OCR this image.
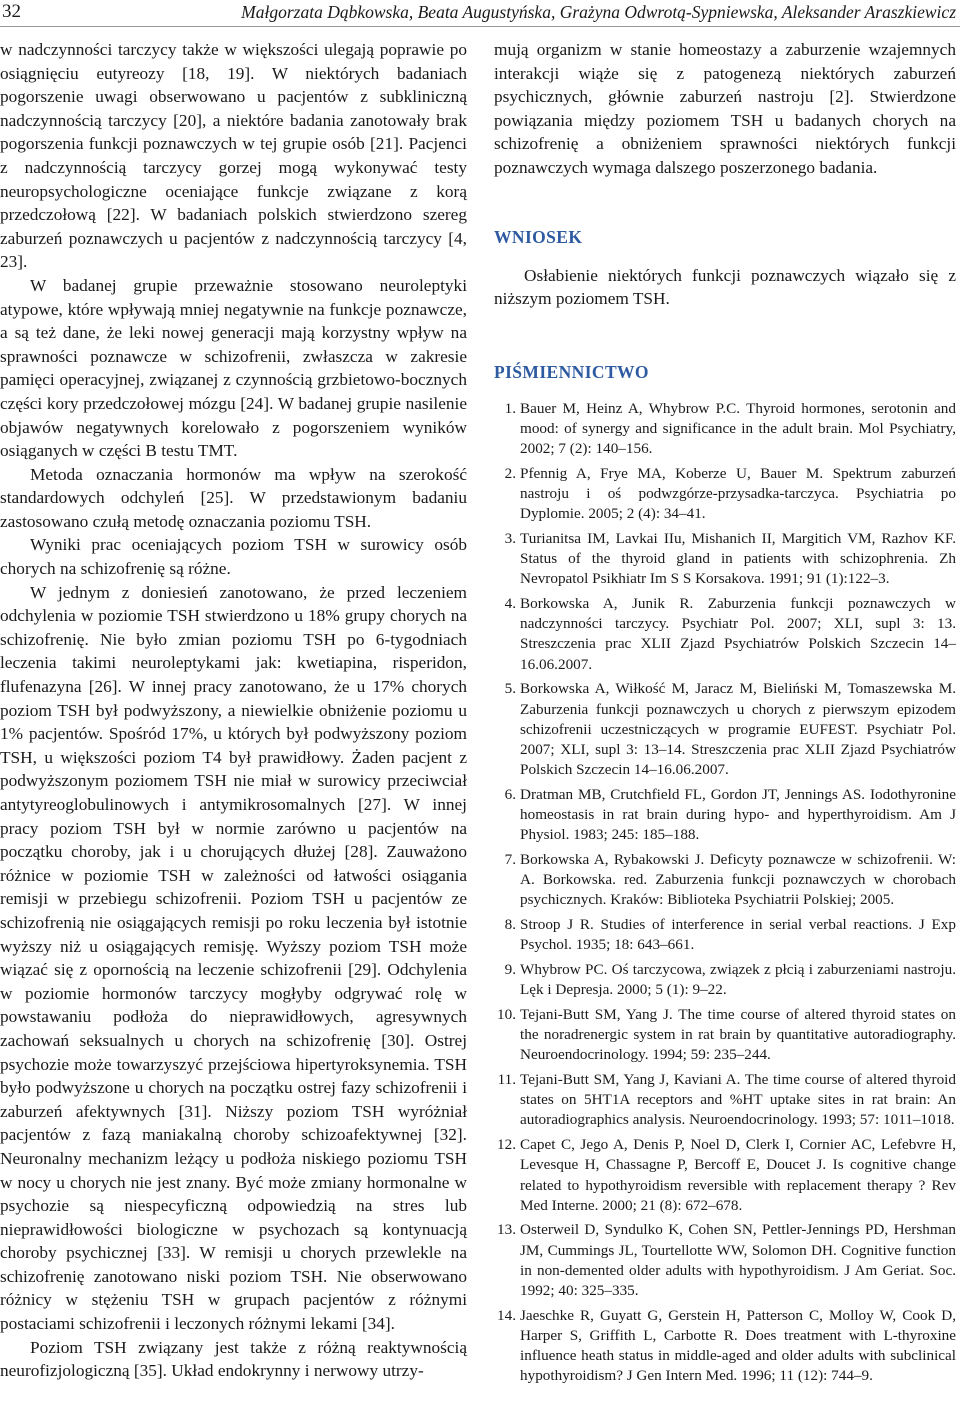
32	Małgorzata Dąbkowska, Beata Augustyńska, Grażyna Odwrotą-Sypniewska, Aleksander Araszkiewicz

w nadczynności tarczycy także w większości ulegają poprawie po osiągnięciu eutyreozy [18, 19]. W niektórych badaniach pogorszenie uwagi obserwowano u pacjentów z subkliniczną nadczynnością tarczycy [20], a niektóre badania zanotowały brak pogorszenia funkcji poznawczych w tej grupie osób [21]. Pacjenci z nadczynnością tarczycy gorzej mogą wykonywać testy neuropsychologiczne oceniające funkcje związane z korą przedczołową [22]. W badaniach polskich stwierdzono szereg zaburzeń poznawczych u pacjentów z nadczynnością tarczycy [4, 23].

W badanej grupie przeważnie stosowano neuroleptyki atypowe, które wpływają mniej negatywnie na funkcje poznawcze, a są też dane, że leki nowej generacji mają korzystny wpływ na sprawności poznawcze w schizofrenii, zwłaszcza w zakresie pamięci operacyjnej, związanej z czynnością grzbietowo-bocznych części kory przedczołowej mózgu [24]. W badanej grupie nasilenie objawów negatywnych korelowało z pogorszeniem wyników osiąganych w części B testu TMT.

Metoda oznaczania hormonów ma wpływ na szerokość standardowych odchyleń [25]. W przedstawionym badaniu zastosowano czułą metodę oznaczania poziomu TSH.

Wyniki prac oceniających poziom TSH w surowicy osób chorych na schizofrenię są różne.

W jednym z doniesień zanotowano, że przed leczeniem odchylenia w poziomie TSH stwierdzono u 18% grupy chorych na schizofrenię. Nie było zmian poziomu TSH po 6-tygodniach leczenia takimi neuroleptykami jak: kwetiapina, risperidon, flufenazyna [26]. W innej pracy zanotowano, że u 17% chorych poziom TSH był podwyższony, a niewielkie obniżenie poziomu u 1% pacjentów. Spośród 17%, u których był podwyższony poziom TSH, u większości poziom T4 był prawidłowy. Żaden pacjent z podwyższonym poziomem TSH nie miał w surowicy przeciwciał antytyreoglobulinowych i antymikrosomalnych [27]. W innej pracy poziom TSH był w normie zarówno u pacjentów na początku choroby, jak i u chorujących dłużej [28]. Zauważono różnice w poziomie TSH w zależności od łatwości osiągania remisji w przebiegu schizofrenii. Poziom TSH u pacjentów ze schizofrenią nie osiągających remisji po roku leczenia był istotnie wyższy niż u osiągających remisję. Wyższy poziom TSH może wiązać się z opornością na leczenie schizofrenii [29]. Odchylenia w poziomie hormonów tarczycy mogłyby odgrywać rolę w powstawaniu podłoża do nieprawidłowych, agresywnych zachowań seksualnych u chorych na schizofrenię [30]. Ostrej psychozie może towarzyszyć przejściowa hipertyroksynemia. TSH było podwyższone u chorych na początku ostrej fazy schizofrenii i zaburzeń afektywnych [31]. Niższy poziom TSH wyróżniał pacjentów z fazą maniakalną choroby schizoafektywnej [32]. Neuronalny mechanizm leżący u podłoża niskiego poziomu TSH w nocy u chorych nie jest znany. Być może zmiany hormonalne w psychozie są niespecyficzną odpowiedzią na stres lub nieprawidłowości biologiczne w psychozach są kontynuacją choroby psychicznej [33]. W remisji u chorych przewlekle na schizofrenię zanotowano niski poziom TSH. Nie obserwowano różnicy w stężeniu TSH w grupach pacjentów z różnymi postaciami schizofrenii i leczonych różnymi lekami [34].

Poziom TSH związany jest także z różną reaktywnością neurofizjologiczną [35]. Układ endokrynny i nerwowy utrzy-

mują organizm w stanie homeostazy a zaburzenie wzajemnych interakcji wiąże się z patogenezą niektórych zaburzeń psychicznych, głównie zaburzeń nastroju [2]. Stwierdzone powiązania między poziomem TSH u badanych chorych na schizofrenię a obniżeniem sprawności niektórych funkcji poznawczych wymaga dalszego poszerzonego badania.

WNIOSEK

Osłabienie niektórych funkcji poznawczych wiązało się z niższym poziomem TSH.

PIŚMIENNICTWO
1. Bauer M, Heinz A, Whybrow P.C. Thyroid hormones, serotonin and mood: of synergy and significance in the adult brain. Mol Psychiatry, 2002; 7 (2): 140–156.
2. Pfennig A, Frye MA, Koberze U, Bauer M. Spektrum zaburzeń nastroju i oś podwzgórze-przysadka-tarczyca. Psychiatria po Dyplomie. 2005; 2 (4): 34–41.
3. Turianitsa IM, Lavkai IIu, Mishanich II, Margitich VM, Razhov KF. Status of the thyroid gland in patients with schizophrenia. Zh Nevropatol Psikhiatr Im S S Korsakova. 1991; 91 (1):122–3.
4. Borkowska A, Junik R. Zaburzenia funkcji poznawczych w nadczynności tarczycy. Psychiatr Pol. 2007; XLI, supl 3: 13. Streszczenia prac XLII Zjazd Psychiatrów Polskich Szczecin 14–16.06.2007.
5. Borkowska A, Wiłkość M, Jaracz M, Bieliński M, Tomaszewska M. Zaburzenia funkcji poznawczych u chorych z pierwszym epizodem schizofrenii uczestniczących w programie EUFEST. Psychiatr Pol. 2007; XLI, supl 3: 13–14. Streszczenia prac XLII Zjazd Psychiatrów Polskich Szczecin 14–16.06.2007.
6. Dratman MB, Crutchfield FL, Gordon JT, Jennings AS. Iodothyronine homeostasis in rat brain during hypo- and hyperthyroidism. Am J Physiol. 1983; 245: 185–188.
7. Borkowska A, Rybakowski J. Deficyty poznawcze w schizofrenii. W: A. Borkowska. red. Zaburzenia funkcji poznawczych w chorobach psychicznych. Kraków: Biblioteka Psychiatrii Polskiej; 2005.
8. Stroop J R. Studies of interference in serial verbal reactions. J Exp Psychol. 1935; 18: 643–661.
9. Whybrow PC. Oś tarczycowa, związek z płcią i zaburzeniami nastroju. Lęk i Depresja. 2000; 5 (1): 9–22.
10. Tejani-Butt SM, Yang J. The time course of altered thyroid states on the noradrenergic system in rat brain by quantitative autoradiography. Neuroendocrinology. 1994; 59: 235–244.
11. Tejani-Butt SM, Yang J, Kaviani A. The time course of altered thyroid states on 5HT1A receptors and %HT uptake sites in rat brain: An autoradiographics analysis. Neuroendocrinology. 1993; 57: 1011–1018.
12. Capet C, Jego A, Denis P, Noel D, Clerk I, Cornier AC, Lefebvre H, Levesque H, Chassagne P, Bercoff E, Doucet J. Is cognitive change related to hypothyroidism reversible with replacement therapy ? Rev Med Interne. 2000; 21 (8): 672–678.
13. Osterweil D, Syndulko K, Cohen SN, Pettler-Jennings PD, Hershman JM, Cummings JL, Tourtellotte WW, Solomon DH. Cognitive function in non-demented older adults with hypothyroidism. J Am Geriat. Soc. 1992; 40: 325–335.
14. Jaeschke R, Guyatt G, Gerstein H, Patterson C, Molloy W, Cook D, Harper S, Griffith L, Carbotte R. Does treatment with L-thyroxine influence heath status in middle-aged and older adults with subclinical hypothyroidism? J Gen Intern Med. 1996; 11 (12): 744–9.
